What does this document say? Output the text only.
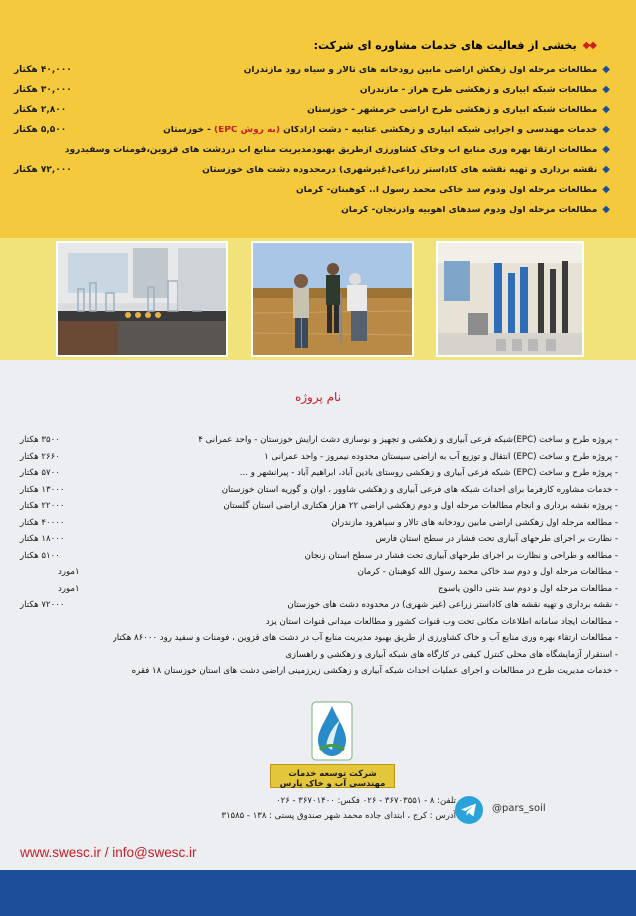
◆◆
بخشی از فعالیت های خدمات مشاوره ای شرکت:
◆
مطالعات مرحله اول زهکش اراضی مابین رودخانه های تالار و سیاه رود مازندران
۴۰,۰۰۰ هکتار
◆
مطالعات شبکه آبیاری و زهکشی طرح هراز - مازندران
۳۰,۰۰۰ هکتار
◆
مطالعات شبکه آبیاری و زهکشی طرح اراضی خرمشهر - خوزستان
۲,۸۰۰ هکتار
◆
خدمات مهندسی و اجرایی شبکه آبیاری و زهکشی عتابیه - دشت آزادگان (به روش EPC) - خوزستان
۵,۵۰۰ هکتار
◆
مطالعات ارتقا بهره وری منابع آب وخاک کشاورزی ازطریق بهبودمدیریت منابع آب دردشت های قزوین،فومنات وسفیدرود
◆
نقشه برداری و تهیه نقشه های کاداستر زراعی(غیرشهری) درمحدوده دشت های خوزستان
۷۲,۰۰۰ هکتار
◆
مطالعات مرحله اول ودوم سد خاکی محمد رسول ا.. کوهبنان- کرمان
◆
مطالعات مرحله اول ودوم سدهای آهوبیه وآدرنجان- کرمان
نام پروژه
- پروژه طرح و ساخت (EPC)شبکه فرعی آبیاری و زهکشی و تجهیز و نوسازی دشت ارایش خوزستان - واحد عمرانی ۴
۳۵۰۰ هکتار
- پروژه طرح و ساخت (EPC) انتقال و توزیع آب به اراضی سیستان محدوده نیمروز - واحد عمرانی ۱
۲۶۶۰ هکتار
- پروژه طرح و ساخت (EPC) شبکه فرعی آبیاری و زهکشی روستای بادین آباد، ابراهیم آباد - پیرانشهر و ...
۵۷۰۰ هکتار
- خدمات مشاوره کارفرما برای احداث شبکه های فرعی آبیاری و زهکشی شاوور ، اوان و گوریه استان خوزستان
۱۳۰۰۰ هکتار
- پروژه نقشه برداری و انجام مطالعات مرحله اول و دوم زهکشی اراضی ۲۲ هزار هکتاری اراضی استان گلستان
۲۲۰۰۰ هکتار
- مطالعه مرحله اول زهکشی اراضی مابین رودخانه های تالار و سیاهرود مازندران
۴۰۰۰۰ هکتار
- نظارت بر اجرای طرحهای آبیاری تحت فشار در سطح استان فارس
۱۸۰۰۰ هکتار
- مطالعه و طراحی و نظارت بر اجرای طرحهای آبیاری تحت فشار در سطح استان زنجان
۵۱۰۰ هکتار
- مطالعات مرحله اول و دوم سد خاکی محمد رسول الله کوهبنان - کرمان
۱مورد
- مطالعات مرحله اول و دوم سد بتنی دالون یاسوج
۱مورد
- نقشه برداری و تهیه نقشه های کاداستر زراعی (غیر شهری) در محدوده دشت های خوزستان
۷۲۰۰۰ هکتار
- مطالعات ایجاد سامانه اطلاعات مکانی تحت وب قنوات کشور و مطالعات میدانی قنوات استان یزد
- مطالعات ارتقاء بهره وری منابع آب و خاک کشاورزی از طریق بهبود مدیریت منابع آب در دشت های قزوین ، فومنات و سفید رود ۸۶۰۰۰ هکتار
- استقرار آزمایشگاه های محلی کنترل کیفی در کارگاه های شبکه آبیاری و زهکشی و راهسازی
- خدمات مدیریت طرح در مطالعات و اجرای عملیات احداث شبکه آبیاری و زهکشی زیرزمینی اراضی دشت های استان خوزستان ۱۸ فقره
شرکت توسعه خدمات مهندسی آب و خاک پارس
تلفن: ۸ - ۳۶۷۰۳۵۵۱ - ۰۲۶ فکس: ۳۶۷۰۱۴۰۰ - ۰۲۶
آدرس : کرج ، ابتدای جاده محمد شهر صندوق پستی : ۱۳۸ - ۳۱۵۸۵
@pars_soil
www.swesc.ir / info@swesc.ir
